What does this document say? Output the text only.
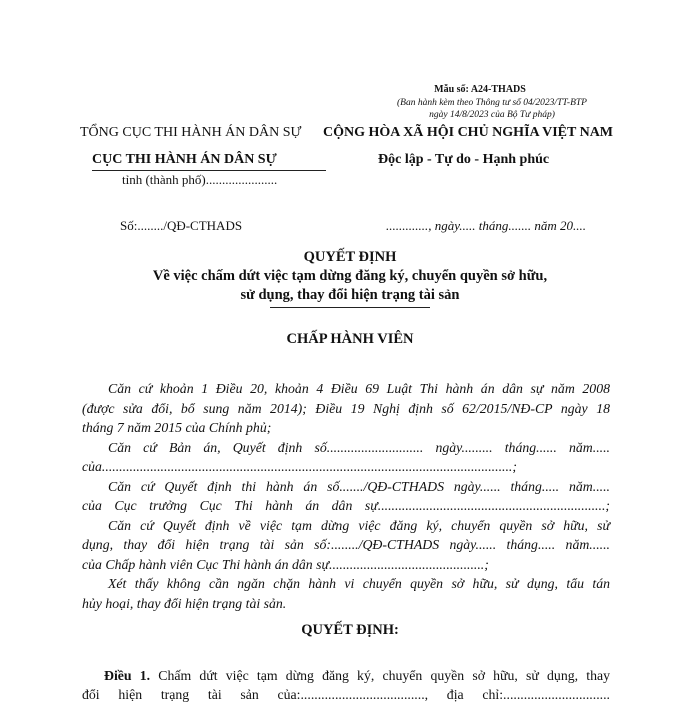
Mẫu số: A24-THADS
(Ban hành kèm theo Thông tư số 04/2023/TT-BTP
ngày 14/8/2023 của Bộ Tư pháp)
TỔNG CỤC THI HÀNH ÁN DÂN SỰ
CỤC THI HÀNH ÁN DÂN SỰ
tỉnh (thành phố)......................
CỘNG HÒA XÃ HỘI CHỦ NGHĨA VIỆT NAM
Độc lập - Tự do - Hạnh phúc
Số:......../QĐ-CTHADS	............., ngày..... tháng....... năm 20....
QUYẾT ĐỊNH
Về việc chấm dứt việc tạm dừng đăng ký, chuyển quyền sở hữu,
sử dụng, thay đổi hiện trạng tài sản
CHẤP HÀNH VIÊN

Căn cứ khoản 1 Điều 20, khoản 4 Điều 69 Luật Thi hành án dân sự năm 2008

(được sửa đổi, bổ sung năm 2014); Điều 19 Nghị định số 62/2015/NĐ-CP ngày 18

tháng 7 năm 2015 của Chính phủ;

Căn cứ Bản án, Quyết định số............................ ngày......... tháng...... năm.....

của.......................................................................................................................;

Căn cứ Quyết định thi hành án số......./QĐ-CTHADS ngày...... tháng..... năm.....

của Cục trưởng Cục Thi hành án dân sự..................................................................;

Căn cứ Quyết định về việc tạm dừng việc đăng ký, chuyển quyền sở hữu, sử

dụng, thay đổi hiện trạng tài sản số:......../QĐ-CTHADS ngày...... tháng..... năm......

của Chấp hành viên Cục Thi hành án dân sự.............................................;

Xét thấy không cần ngăn chặn hành vi chuyển quyền sở hữu, sử dụng, tẩu tán

hủy hoại, thay đổi hiện trạng tài sản.

QUYẾT ĐỊNH:

Điều 1. Chấm dứt việc tạm dừng đăng ký, chuyển quyền sở hữu, sử dụng, thay

đổi hiện trạng tài sản của:...................................., địa chỉ:...............................
